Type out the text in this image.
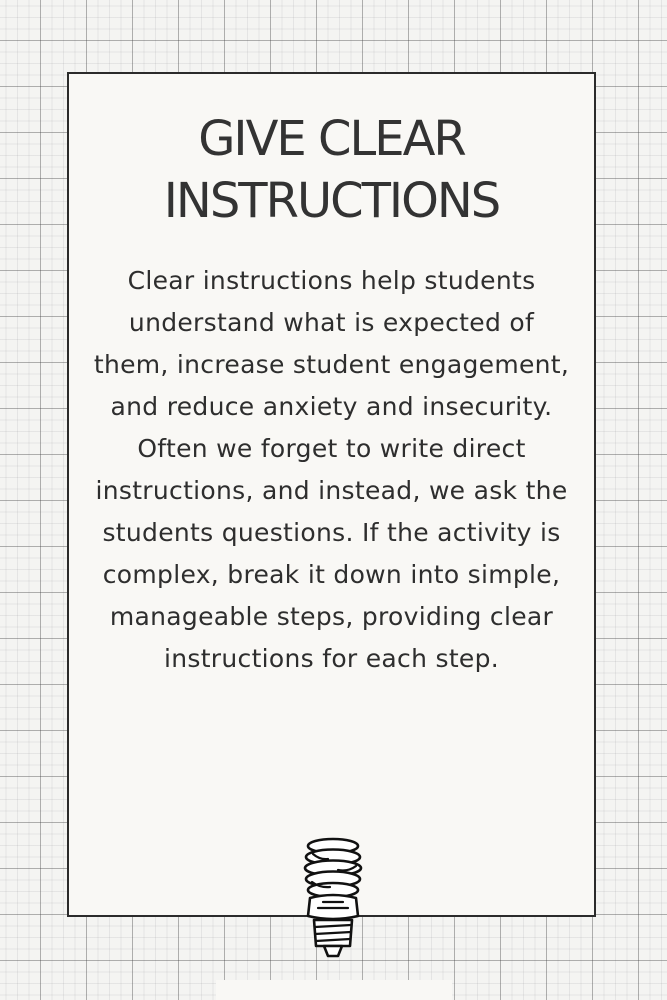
GIVE CLEAR INSTRUCTIONS

Clear instructions help students understand what is expected of them, increase student engagement, and reduce anxiety and insecurity. Often we forget to write direct instructions, and instead, we ask the students questions. If the activity is complex, break it down into simple, manageable steps, providing clear instructions for each step.
